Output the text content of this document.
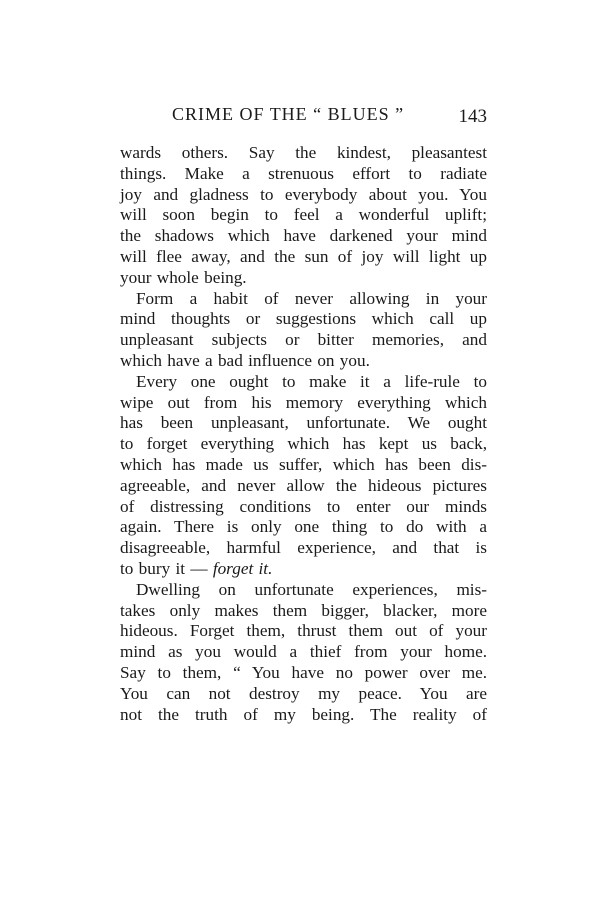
CRIME OF THE “ BLUES ”	143
wards others. Say the kindest, pleasantest
things. Make a strenuous effort to radiate
joy and gladness to everybody about you. You
will soon begin to feel a wonderful uplift;
the shadows which have darkened your mind
will flee away, and the sun of joy will light up
your whole being.
Form a habit of never allowing in your
mind thoughts or suggestions which call up
unpleasant subjects or bitter memories, and
which have a bad influence on you.
Every one ought to make it a life-rule to
wipe out from his memory everything which
has been unpleasant, unfortunate. We ought
to forget everything which has kept us back,
which has made us suffer, which has been dis-
agreeable, and never allow the hideous pictures
of distressing conditions to enter our minds
again. There is only one thing to do with a
disagreeable, harmful experience, and that is
to bury it — forget it.
Dwelling on unfortunate experiences, mis-
takes only makes them bigger, blacker, more
hideous. Forget them, thrust them out of your
mind as you would a thief from your home.
Say to them, “ You have no power over me.
You can not destroy my peace. You are
not the truth of my being. The reality of
